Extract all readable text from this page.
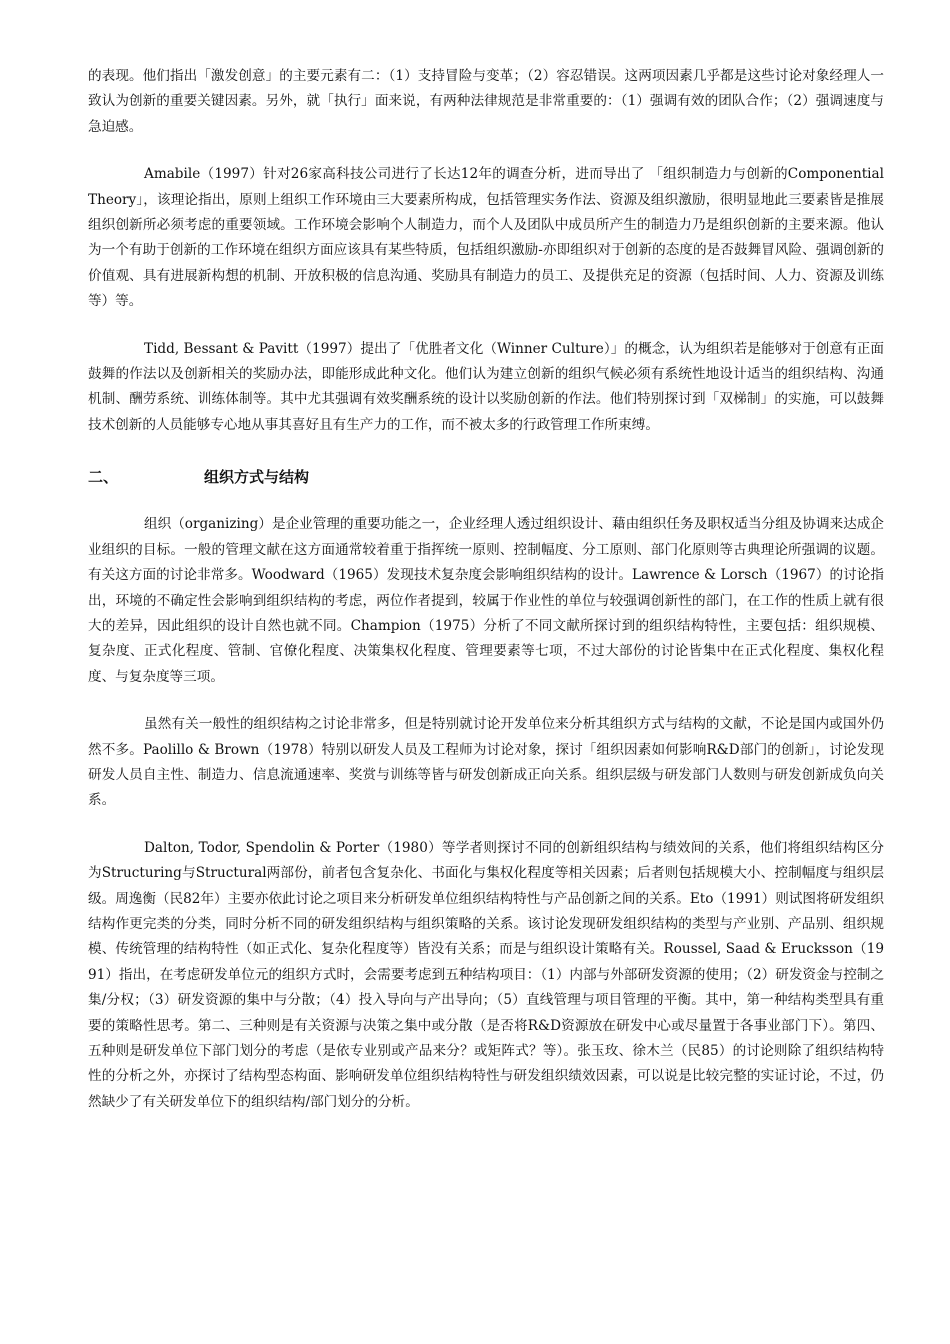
的表现。他们指出「激发创意」的主要元素有二：（1）支持冒险与变革；（2）容忍错误。这两项因素几乎都是这些讨论对象经理人一致认为创新的重要关键因素。另外，就「执行」面来说，有两种法律规范是非常重要的：（1）强调有效的团队合作；（2）强调速度与急迫感。

Amabile（1997）针对26家高科技公司进行了长达12年的调查分析，进而导出了 「组织制造力与创新的Componential Theory」，该理论指出，原则上组织工作环境由三大要素所构成，包括管理实务作法、资源及组织激励，很明显地此三要素皆是推展组织创新所必须考虑的重要领域。工作环境会影响个人制造力，而个人及团队中成员所产生的制造力乃是组织创新的主要来源。他认为一个有助于创新的工作环境在组织方面应该具有某些特质，包括组织激励-亦即组织对于创新的态度的是否鼓舞冒风险、强调创新的价值观、具有进展新构想的机制、开放积极的信息沟通、奖励具有制造力的员工、及提供充足的资源（包括时间、人力、资源及训练等）等。

Tidd, Bessant & Pavitt（1997）提出了「优胜者文化（Winner Culture）」的概念，认为组织若是能够对于创意有正面鼓舞的作法以及创新相关的奖励办法，即能形成此种文化。他们认为建立创新的组织气候必须有系统性地设计适当的组织结构、沟通机制、酬劳系统、训练体制等。其中尤其强调有效奖酬系统的设计以奖励创新的作法。他们特别探讨到「双梯制」的实施，可以鼓舞技术创新的人员能够专心地从事其喜好且有生产力的工作，而不被太多的行政管理工作所束缚。

二、	组织方式与结构

组织（organizing）是企业管理的重要功能之一，企业经理人透过组织设计、藉由组织任务及职权适当分组及协调来达成企业组织的目标。一般的管理文献在这方面通常较着重于指挥统一原则、控制幅度、分工原则、部门化原则等古典理论所强调的议题。有关这方面的讨论非常多。Woodward（1965）发现技术复杂度会影响组织结构的设计。Lawrence & Lorsch（1967）的讨论指出，环境的不确定性会影响到组织结构的考虑，两位作者提到，较属于作业性的单位与较强调创新性的部门，在工作的性质上就有很大的差异，因此组织的设计自然也就不同。Champion（1975）分析了不同文献所探讨到的组织结构特性，主要包括：组织规模、复杂度、正式化程度、管制、官僚化程度、决策集权化程度、管理要素等七项，不过大部份的讨论皆集中在正式化程度、集权化程度、与复杂度等三项。

虽然有关一般性的组织结构之讨论非常多，但是特别就讨论开发单位来分析其组织方式与结构的文献，不论是国内或国外仍然不多。Paolillo & Brown（1978）特别以研发人员及工程师为讨论对象，探讨「组织因素如何影响R&D部门的创新」，讨论发现研发人员自主性、制造力、信息流通速率、奖赏与训练等皆与研发创新成正向关系。组织层级与研发部门人数则与研发创新成负向关系。

Dalton, Todor, Spendolin & Porter（1980）等学者则探讨不同的创新组织结构与绩效间的关系，他们将组织结构区分为Structuring与Structural两部份，前者包含复杂化、书面化与集权化程度等相关因素；后者则包括规模大小、控制幅度与组织层级。周逸衡（民82年）主要亦依此讨论之项目来分析研发单位组织结构特性与产品创新之间的关系。Eto（1991）则试图将研发组织结构作更完类的分类，同时分析不同的研发组织结构与组织策略的关系。该讨论发现研发组织结构的类型与产业别、产品别、组织规模、传统管理的结构特性（如正式化、复杂化程度等）皆没有关系；而是与组织设计策略有关。Roussel, Saad & Erucksson（1991）指出，在考虑研发单位元的组织方式时，会需要考虑到五种结构项目：（1）内部与外部研发资源的使用；（2）研发资金与控制之集/分权；（3）研发资源的集中与分散；（4）投入导向与产出导向；（5）直线管理与项目管理的平衡。其中，第一种结构类型具有重要的策略性思考。第二、三种则是有关资源与决策之集中或分散（是否将R&D资源放在研发中心或尽量置于各事业部门下）。第四、五种则是研发单位下部门划分的考虑（是依专业别或产品来分？或矩阵式？等）。张玉玫、徐木兰（民85）的讨论则除了组织结构特性的分析之外，亦探讨了结构型态构面、影响研发单位组织结构特性与研发组织绩效因素，可以说是比较完整的实证讨论，不过，仍然缺少了有关研发单位下的组织结构/部门划分的分析。
